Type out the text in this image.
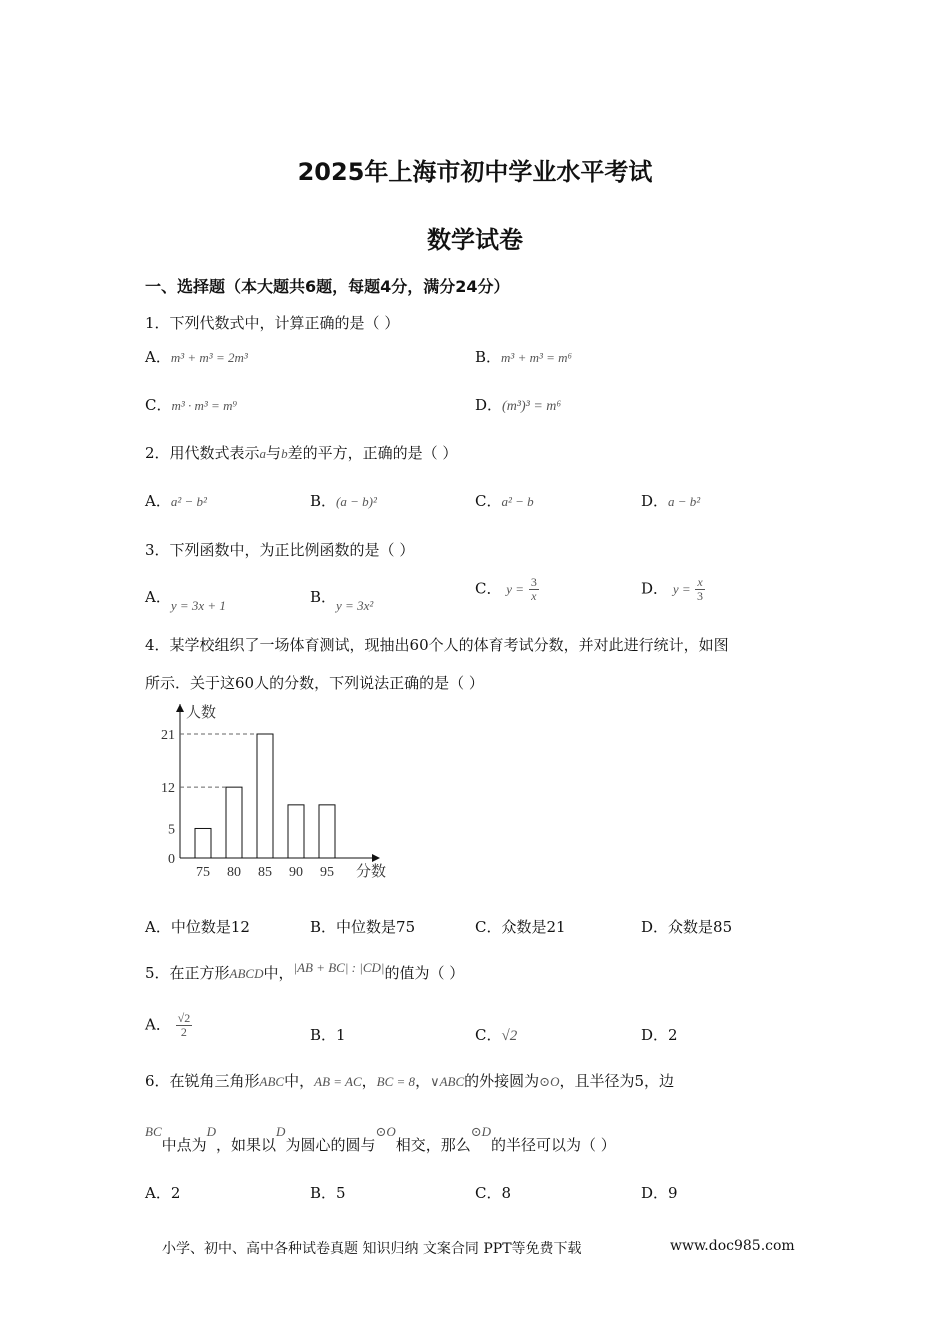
2025年上海市初中学业水平考试
数学试卷
一、选择题（本大题共6题，每题4分，满分24分）
1．下列代数式中，计算正确的是（ ）
A．m³ + m³ = 2m³	B．m³ + m³ = m⁶
C．m³ · m³ = m⁹	D．(m³)³ = m⁶
2．用代数式表示a与b差的平方，正确的是（ ）
A．a² − b²	B．(a − b)²	C．a² − b	D．a − b²
3．下列函数中，为正比例函数的是（ ）
A．y = 3x + 1	B．y = 3x²
C． $y = \frac{3}{x}$	D． $y = \frac{x}{3}$
4．某学校组织了一场体育测试，现抽出60个人的体育考试分数，并对此进行统计，如图
所示．关于这60人的分数，下列说法正确的是（ ）
人数
分数
75 80 85 90 95
0
5
12
21
A．中位数是12	B．中位数是75	C．众数是21	D．众数是85
5．在正方形ABCD中，|AB + BC| : |CD|的值为（ ）
A． $\frac{√2}{2}$	B．1	C．√2	D．2
6．在锐角三角形ABC中，AB = AC，BC = 8，∨ABC的外接圆为⊙O，且半径为5，边
BC中点为D，如果以D为圆心的圆与⊙O相交，那么⊙D的半径可以为（ ）
A．2	B．5	C．8	D．9
小学、初中、高中各种试卷真题 知识归纳 文案合同 PPT等免费下载	www.doc985.com
